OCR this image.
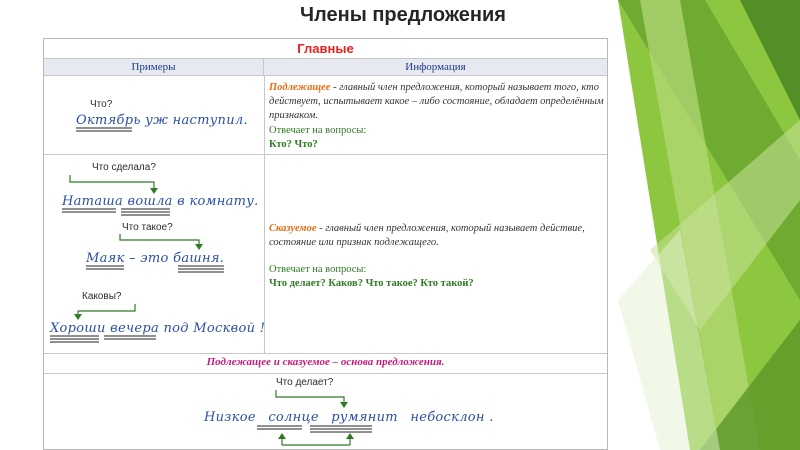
Члены предложения
Главные
Примеры	Информация
Что?
Октябрь уж наступил.
Подлежащее - главный член предложения, который называет того, кто действует, испытывает какое – либо состояние, обладает определённым признаком.
Отвечает на вопросы:
Кто? Что?
Что сделала?
Наташа вошла в комнату.
Что такое?
Маяк – это башня.
Каковы?
Хороши вечера под Москвой !
Сказуемое - главный член предложения, который называет действие, состояние или признак подлежащего.
Отвечает на вопросы:
Что делает? Каков? Что такое? Кто такой?
Подлежащее и сказуемое – основа предложения.
Что делает?
Низкое солнце румянит небосклон .
